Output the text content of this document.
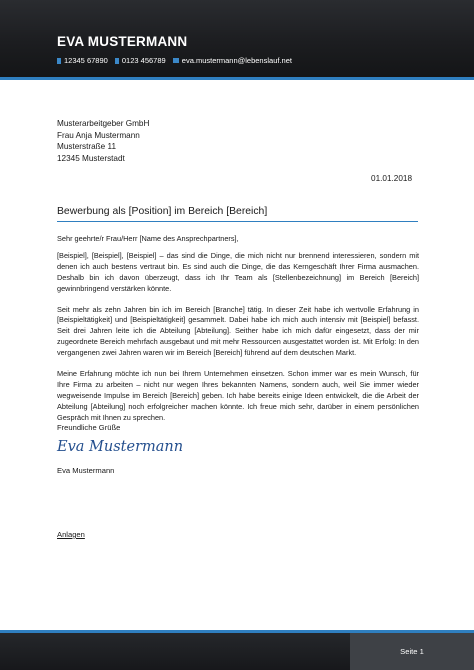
EVA MUSTERMANN
12345 67890 0123 456789 eva.mustermann@lebenslauf.net
Musterarbeitgeber GmbH
Frau Anja Mustermann
Musterstraße 11
12345 Musterstadt
01.01.2018
Bewerbung als [Position] im Bereich [Bereich]

Sehr geehrte/r Frau/Herr [Name des Ansprechpartners],

[Beispiel], [Beispiel], [Beispiel] – das sind die Dinge, die mich nicht nur brennend interessieren, sondern mit denen ich auch bestens vertraut bin. Es sind auch die Dinge, die das Kerngeschäft Ihrer Firma ausmachen. Deshalb bin ich davon überzeugt, dass ich Ihr Team als [Stellenbezeichnung] im Bereich [Bereich] gewinnbringend verstärken könnte.

Seit mehr als zehn Jahren bin ich im Bereich [Branche] tätig. In dieser Zeit habe ich wertvolle Erfahrung in [Beispieltätigkeit] und [Beispieltätigkeit] gesammelt. Dabei habe ich mich auch intensiv mit [Beispiel] befasst. Seit drei Jahren leite ich die Abteilung [Abteilung]. Seither habe ich mich dafür eingesetzt, dass der mir zugeordnete Bereich mehrfach ausgebaut und mit mehr Ressourcen ausgestattet worden ist. Mit Erfolg: In den vergangenen zwei Jahren waren wir im Bereich [Bereich] führend auf dem deutschen Markt.

Meine Erfahrung möchte ich nun bei Ihrem Unternehmen einsetzen. Schon immer war es mein Wunsch, für Ihre Firma zu arbeiten – nicht nur wegen Ihres bekannten Namens, sondern auch, weil Sie immer wieder wegweisende Impulse im Bereich [Bereich] geben. Ich habe bereits einige Ideen entwickelt, die die Arbeit der Abteilung [Abteilung] noch erfolgreicher machen könnte. Ich freue mich sehr, darüber in einem persönlichen Gespräch mit Ihnen zu sprechen.

Freundliche Grüße
Eva Mustermann
Eva Mustermann
Anlagen
Seite 1
